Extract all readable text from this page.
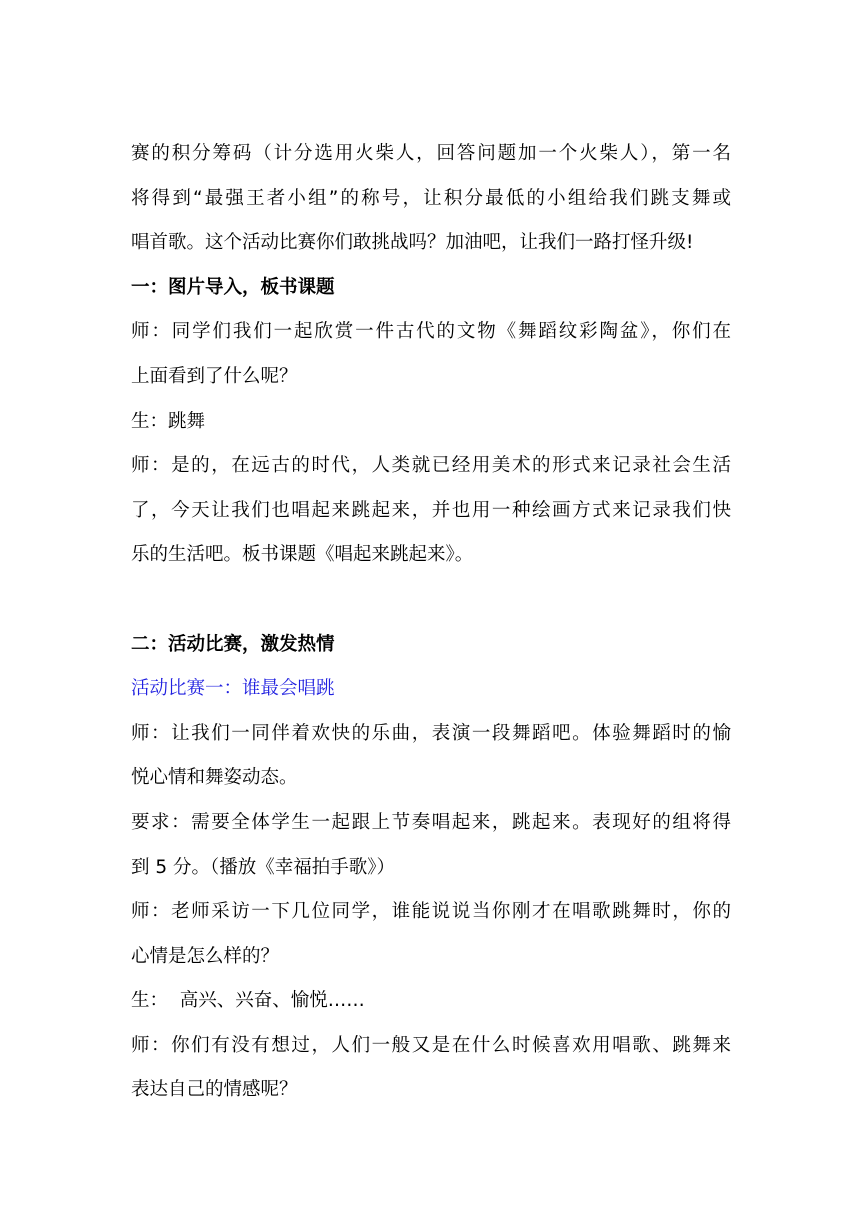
赛的积分筹码（计分选用火柴人，回答问题加一个火柴人），第一名
将得到“最强王者小组”的称号，让积分最低的小组给我们跳支舞或
唱首歌。这个活动比赛你们敢挑战吗？加油吧，让我们一路打怪升级!
一：图片导入，板书课题
师：同学们我们一起欣赏一件古代的文物《舞蹈纹彩陶盆》，你们在
上面看到了什么呢？
生：跳舞
师：是的，在远古的时代，人类就已经用美术的形式来记录社会生活
了，今天让我们也唱起来跳起来，并也用一种绘画方式来记录我们快
乐的生活吧。板书课题《唱起来跳起来》。
二：活动比赛，激发热情
活动比赛一：谁最会唱跳
师：让我们一同伴着欢快的乐曲，表演一段舞蹈吧。体验舞蹈时的愉
悦心情和舞姿动态。
要求：需要全体学生一起跟上节奏唱起来，跳起来。表现好的组将得
到 5 分。（播放《幸福拍手歌》）
师：老师采访一下几位同学，谁能说说当你刚才在唱歌跳舞时，你的
心情是怎么样的？
生：  高兴、兴奋、愉悦……
师：你们有没有想过，人们一般又是在什么时候喜欢用唱歌、跳舞来
表达自己的情感呢？
